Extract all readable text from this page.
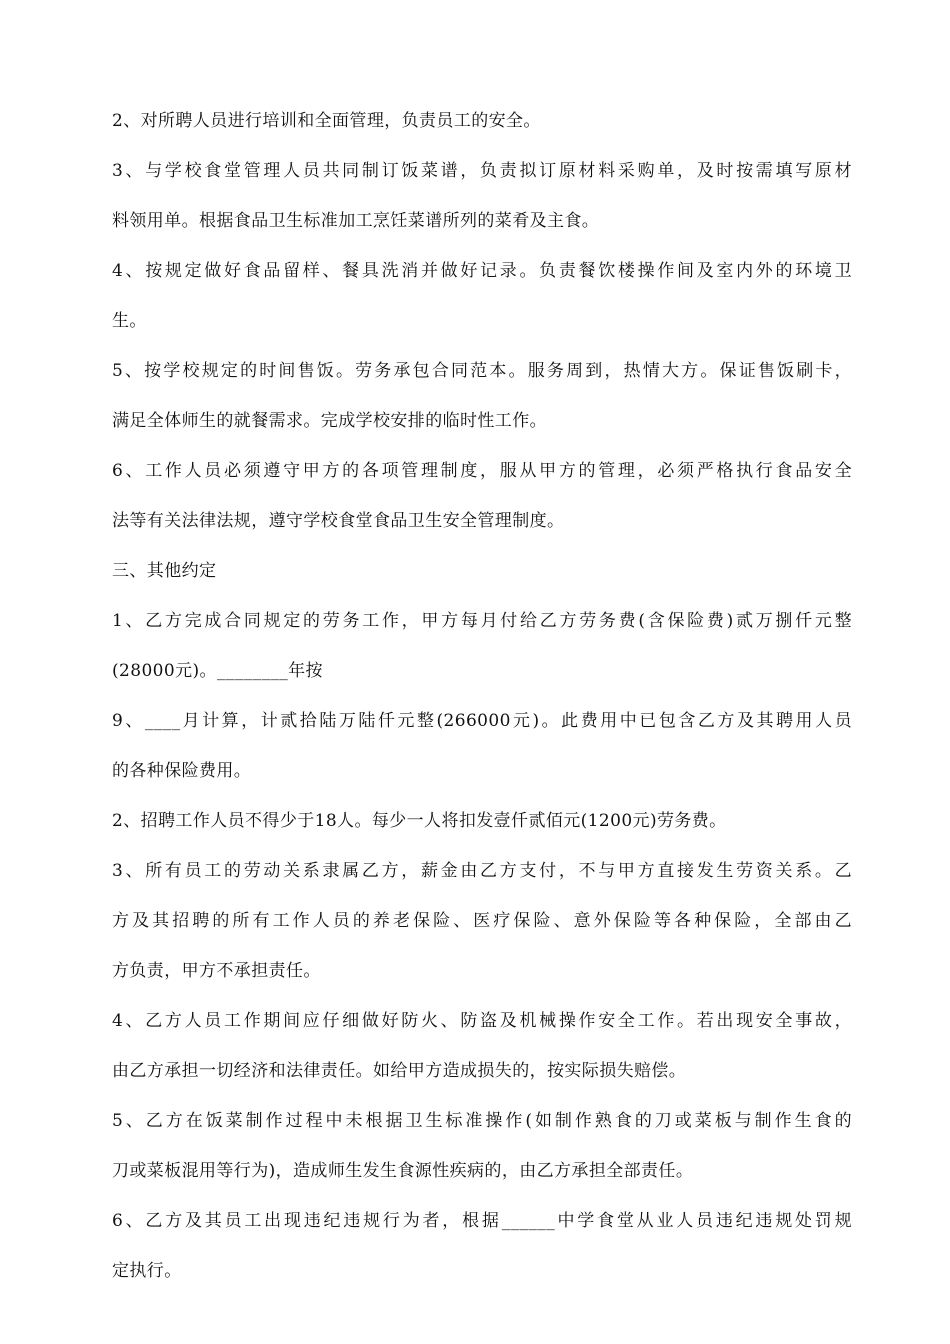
2、对所聘人员进行培训和全面管理，负责员工的安全。

3、与学校食堂管理人员共同制订饭菜谱，负责拟订原材料采购单，及时按需填写原材

料领用单。根据食品卫生标准加工烹饪菜谱所列的菜肴及主食。

4、按规定做好食品留样、餐具洗消并做好记录。负责餐饮楼操作间及室内外的环境卫

生。

5、按学校规定的时间售饭。劳务承包合同范本。服务周到，热情大方。保证售饭刷卡，

满足全体师生的就餐需求。完成学校安排的临时性工作。

6、工作人员必须遵守甲方的各项管理制度，服从甲方的管理，必须严格执行食品安全

法等有关法律法规，遵守学校食堂食品卫生安全管理制度。

三、其他约定

1、乙方完成合同规定的劳务工作，甲方每月付给乙方劳务费(含保险费)贰万捌仟元整

(28000元)。________年按

9、____月计算，计贰拾陆万陆仟元整(266000元)。此费用中已包含乙方及其聘用人员

的各种保险费用。

2、招聘工作人员不得少于18人。每少一人将扣发壹仟贰佰元(1200元)劳务费。

3、所有员工的劳动关系隶属乙方，薪金由乙方支付，不与甲方直接发生劳资关系。乙

方及其招聘的所有工作人员的养老保险、医疗保险、意外保险等各种保险，全部由乙

方负责，甲方不承担责任。

4、乙方人员工作期间应仔细做好防火、防盗及机械操作安全工作。若出现安全事故，

由乙方承担一切经济和法律责任。如给甲方造成损失的，按实际损失赔偿。

5、乙方在饭菜制作过程中未根据卫生标准操作(如制作熟食的刀或菜板与制作生食的

刀或菜板混用等行为)，造成师生发生食源性疾病的，由乙方承担全部责任。

6、乙方及其员工出现违纪违规行为者，根据______中学食堂从业人员违纪违规处罚规

定执行。
